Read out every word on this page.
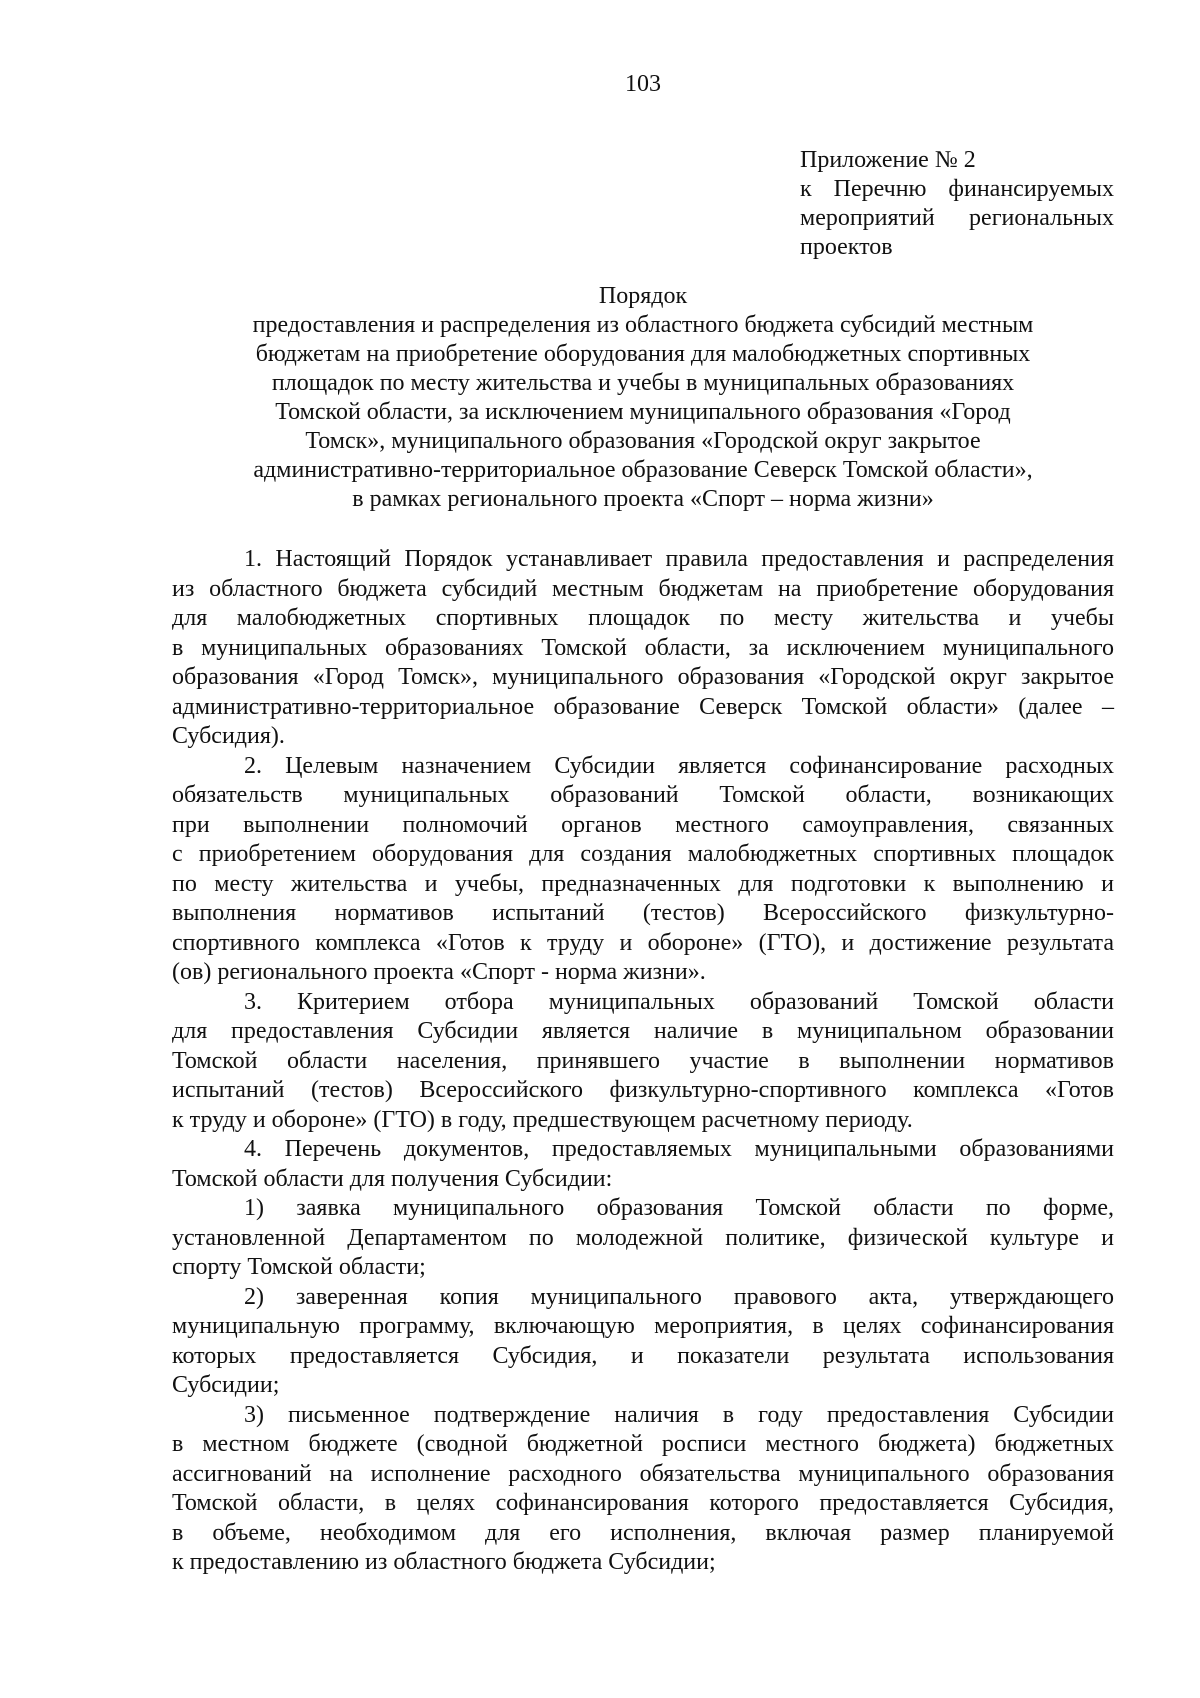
103
Приложение № 2
к Перечню финансируемых
мероприятий региональных
проектов
Порядок
предоставления и распределения из областного бюджета субсидий местным
бюджетам на приобретение оборудования для малобюджетных спортивных
площадок по месту жительства и учебы в муниципальных образованиях
Томской области, за исключением муниципального образования «Город
Томск», муниципального образования «Городской округ закрытое
административно-территориальное образование Северск Томской области»,
в рамках регионального проекта «Спорт – норма жизни»
1. Настоящий Порядок устанавливает правила предоставления и распределения
из областного бюджета субсидий местным бюджетам на приобретение оборудования
для малобюджетных спортивных площадок по месту жительства и учебы
в муниципальных образованиях Томской области, за исключением муниципального
образования «Город Томск», муниципального образования «Городской округ закрытое
административно-территориальное образование Северск Томской области» (далее –
Субсидия).
2. Целевым назначением Субсидии является софинансирование расходных
обязательств муниципальных образований Томской области, возникающих
при выполнении полномочий органов местного самоуправления, связанных
с приобретением оборудования для создания малобюджетных спортивных площадок
по месту жительства и учебы, предназначенных для подготовки к выполнению и
выполнения нормативов испытаний (тестов) Всероссийского физкультурно-
спортивного комплекса «Готов к труду и обороне» (ГТО), и достижение результата
(ов) регионального проекта «Спорт - норма жизни».
3. Критерием отбора муниципальных образований Томской области
для предоставления Субсидии является наличие в муниципальном образовании
Томской области населения, принявшего участие в выполнении нормативов
испытаний (тестов) Всероссийского физкультурно-спортивного комплекса «Готов
к труду и обороне» (ГТО) в году, предшествующем расчетному периоду.
4. Перечень документов, предоставляемых муниципальными образованиями
Томской области для получения Субсидии:
1) заявка муниципального образования Томской области по форме,
установленной Департаментом по молодежной политике, физической культуре и
спорту Томской области;
2) заверенная копия муниципального правового акта, утверждающего
муниципальную программу, включающую мероприятия, в целях софинансирования
которых предоставляется Субсидия, и показатели результата использования
Субсидии;
3) письменное подтверждение наличия в году предоставления Субсидии
в местном бюджете (сводной бюджетной росписи местного бюджета) бюджетных
ассигнований на исполнение расходного обязательства муниципального образования
Томской области, в целях софинансирования которого предоставляется Субсидия,
в объеме, необходимом для его исполнения, включая размер планируемой
к предоставлению из областного бюджета Субсидии;
